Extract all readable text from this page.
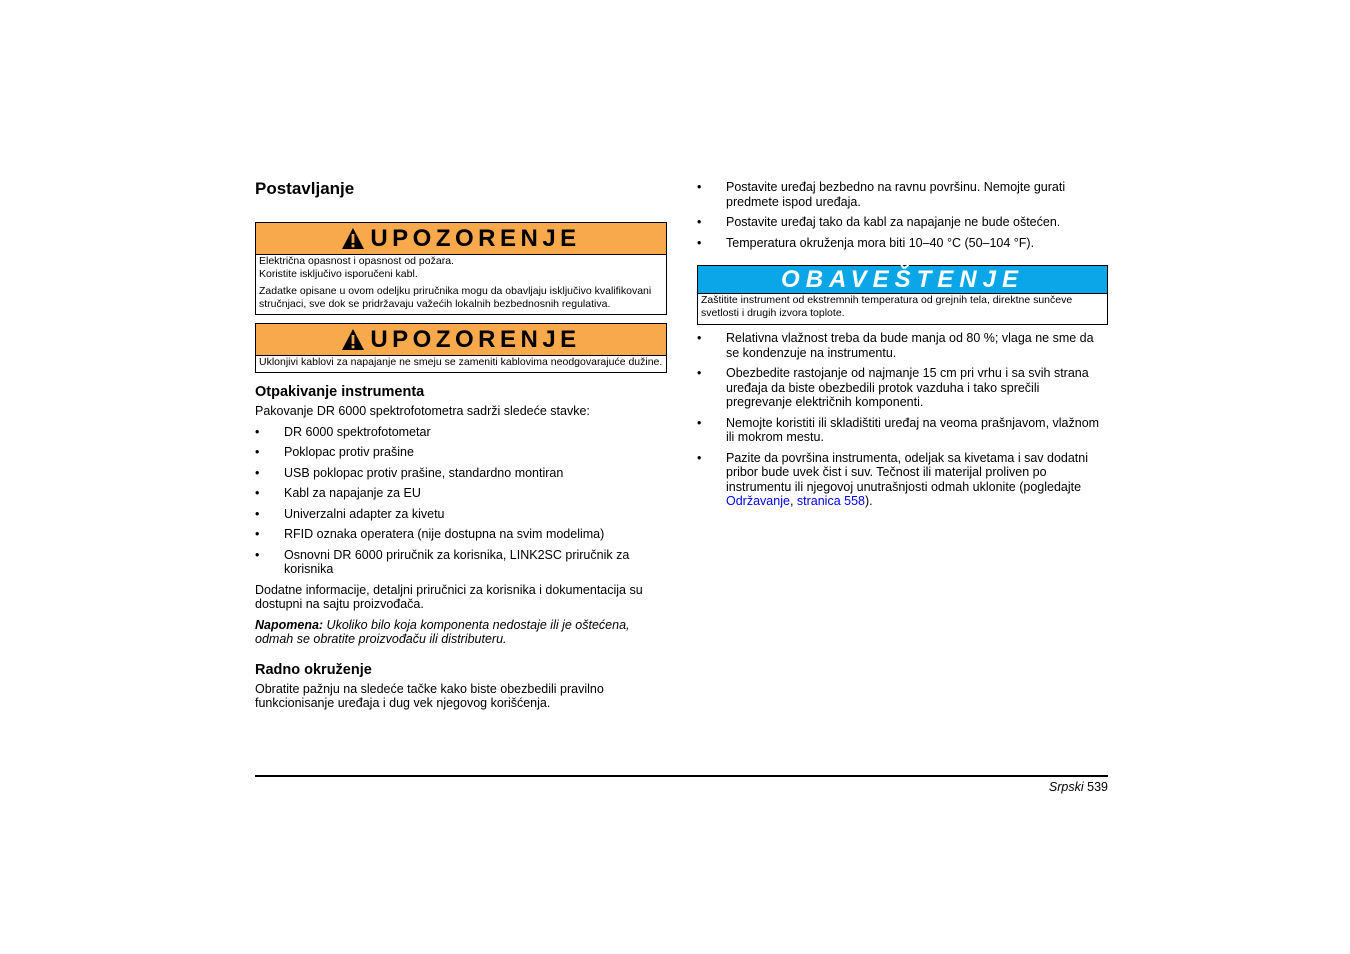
Postavljanje
UPOZORENJE

Električna opasnost i opasnost od požara.
Koristite isključivo isporučeni kabl.

Zadatke opisane u ovom odeljku priručnika mogu da obavljaju isključivo kvalifikovani stručnjaci, sve dok se pridržavaju važećih lokalnih bezbednosnih regulativa.

UPOZORENJE

Uklonjivi kablovi za napajanje ne smeju se zameniti kablovima neodgovarajuće dužine.

Otpakivanje instrumenta

Pakovanje DR 6000 spektrofotometra sadrži sledeće stavke:

• DR 6000 spektrofotometar
• Poklopac protiv prašine
• USB poklopac protiv prašine, standardno montiran
• Kabl za napajanje za EU
• Univerzalni adapter za kivetu
• RFID oznaka operatera (nije dostupna na svim modelima)
• Osnovni DR 6000 priručnik za korisnika, LINK2SC priručnik za korisnika

Dodatne informacije, detaljni priručnici za korisnika i dokumentacija su dostupni na sajtu proizvođača.

Napomena: Ukoliko bilo koja komponenta nedostaje ili je oštećena, odmah se obratite proizvođaču ili distributeru.

Radno okruženje

Obratite pažnju na sledeće tačke kako biste obezbedili pravilno funkcionisanje uređaja i dug vek njegovog korišćenja.

• Postavite uređaj bezbedno na ravnu površinu. Nemojte gurati predmete ispod uređaja.
• Postavite uređaj tako da kabl za napajanje ne bude oštećen.
• Temperatura okruženja mora biti 10–40 °C (50–104 °F).
OBAVEŠTENJE

Zaštitite instrument od ekstremnih temperatura od grejnih tela, direktne sunčeve svetlosti i drugih izvora toplote.

• Relativna vlažnost treba da bude manja od 80 %; vlaga ne sme da se kondenzuje na instrumentu.
• Obezbedite rastojanje od najmanje 15 cm pri vrhu i sa svih strana uređaja da biste obezbedili protok vazduha i tako sprečili pregrevanje električnih komponenti.
• Nemojte koristiti ili skladištiti uređaj na veoma prašnjavom, vlažnom ili mokrom mestu.
• Pazite da površina instrumenta, odeljak sa kivetama i sav dodatni pribor bude uvek čist i suv. Tečnost ili materijal proliven po instrumentu ili njegovoj unutrašnjosti odmah uklonite (pogledajte Održavanje, stranica 558).
Srpski 539
